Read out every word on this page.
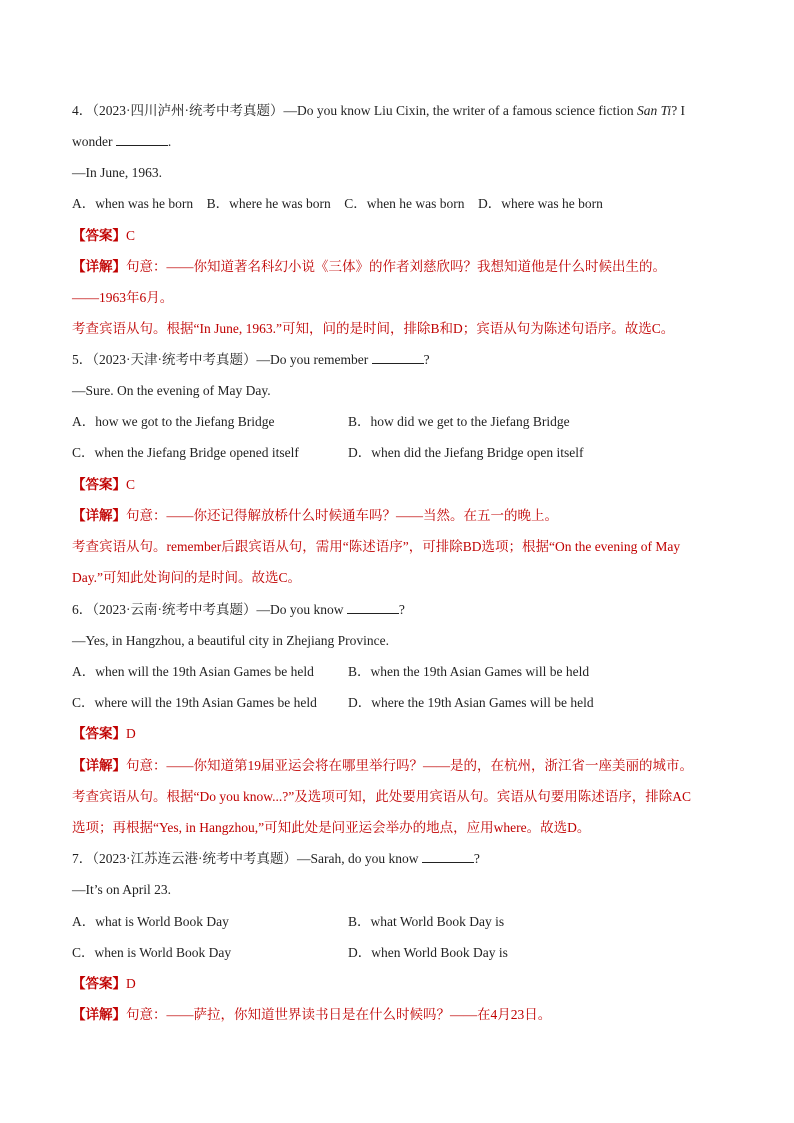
4．（2023·四川泸州·统考中考真题）—Do you know Liu Cixin, the writer of a famous science fiction San Ti? I
wonder	.
—In June, 1963.
A．when was he born    B．where he was born    C．when he was born    D．where was he born
【答案】C
【详解】句意：——你知道著名科幻小说《三体》的作者刘慈欣吗？我想知道他是什么时候出生的。
——1963年6月。
考查宾语从句。根据“In June, 1963.”可知，问的是时间，排除B和D；宾语从句为陈述句语序。故选C。
5．（2023·天津·统考中考真题）—Do you remember	?
—Sure. On the evening of May Day.
A．how we got to the Jiefang Bridge	B．how did we get to the Jiefang Bridge
C．when the Jiefang Bridge opened itself	D．when did the Jiefang Bridge open itself
【答案】C
【详解】句意：——你还记得解放桥什么时候通车吗？——当然。在五一的晚上。
考查宾语从句。remember后跟宾语从句，需用“陈述语序”，可排除BD选项；根据“On the evening of May
Day.”可知此处询问的是时间。故选C。
6．（2023·云南·统考中考真题）—Do you know	?
—Yes, in Hangzhou, a beautiful city in Zhejiang Province.
A．when will the 19th Asian Games be held	B．when the 19th Asian Games will be held
C．where will the 19th Asian Games be held D．where the 19th Asian Games will be held
【答案】D
【详解】句意：——你知道第19届亚运会将在哪里举行吗？——是的，在杭州，浙江省一座美丽的城市。
考查宾语从句。根据“Do you know...?”及选项可知，此处要用宾语从句。宾语从句要用陈述语序，排除AC
选项；再根据“Yes, in Hangzhou,”可知此处是问亚运会举办的地点，应用where。故选D。
7．（2023·江苏连云港·统考中考真题）—Sarah, do you know	?
—It’s on April 23.
A．what is World Book Day	B．what World Book Day is
C．when is World Book Day	D．when World Book Day is
【答案】D
【详解】句意：——萨拉，你知道世界读书日是在什么时候吗？——在4月23日。
